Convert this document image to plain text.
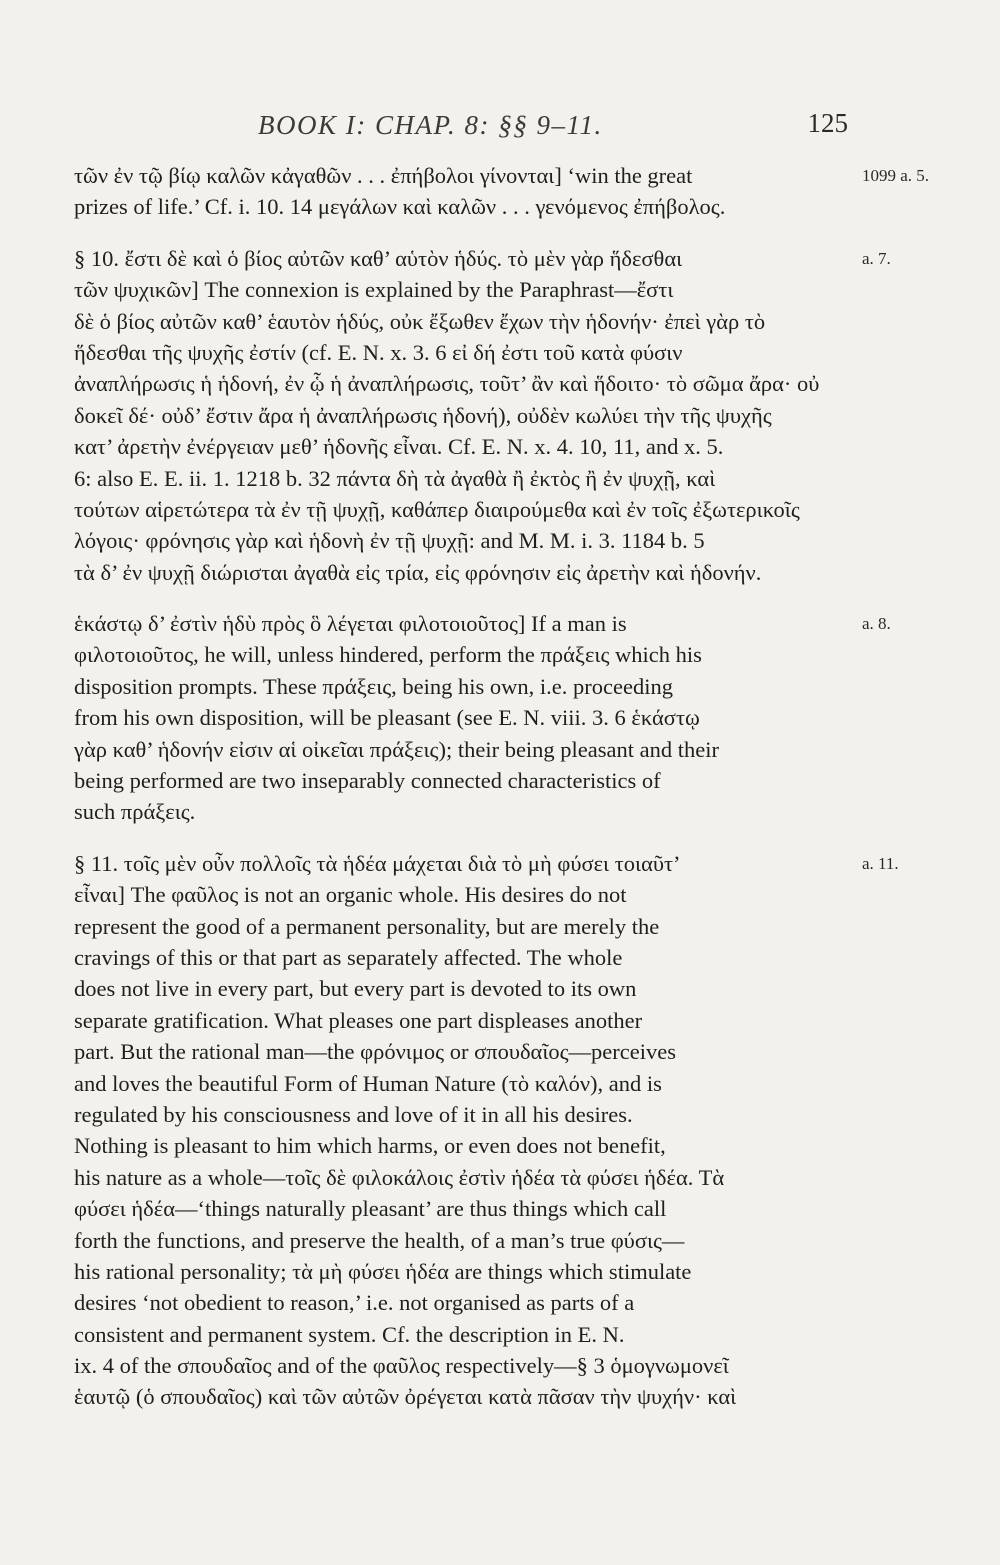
BOOK I: CHAP. 8: §§ 9–11.	125
τῶν ἐν τῷ βίῳ καλῶν κἀγαθῶν . . . ἐπήβολοι γίνονται] ‘win the great	1099 a. 5.
prizes of life.’ Cf. i. 10. 14 μεγάλων καὶ καλῶν . . . γενόμενος ἐπήβολος.
§ 10. ἔστι δὲ καὶ ὁ βίος αὐτῶν καθ’ αὑτὸν ἡδύς. τὸ μὲν γὰρ ἥδεσθαι	a. 7.
τῶν ψυχικῶν] The connexion is explained by the Paraphrast—ἔστι
δὲ ὁ βίος αὐτῶν καθ’ ἑαυτὸν ἡδύς, οὐκ ἔξωθεν ἔχων τὴν ἡδονήν· ἐπεὶ γὰρ τὸ
ἥδεσθαι τῆς ψυχῆς ἐστίν (cf. E. N. x. 3. 6 εἰ δή ἐστι τοῦ κατὰ φύσιν
ἀναπλήρωσις ἡ ἡδονή, ἐν ᾧ ἡ ἀναπλήρωσις, τοῦτ’ ἂν καὶ ἥδοιτο· τὸ σῶμα ἄρα· οὐ
δοκεῖ δέ· οὐδ’ ἔστιν ἄρα ἡ ἀναπλήρωσις ἡδονή), οὐδὲν κωλύει τὴν τῆς ψυχῆς
κατ’ ἀρετὴν ἐνέργειαν μεθ’ ἡδονῆς εἶναι. Cf. E. N. x. 4. 10, 11, and x. 5.
6: also E. E. ii. 1. 1218 b. 32 πάντα δὴ τὰ ἀγαθὰ ἢ ἐκτὸς ἢ ἐν ψυχῇ, καὶ
τούτων αἱρετώτερα τὰ ἐν τῇ ψυχῇ, καθάπερ διαιρούμεθα καὶ ἐν τοῖς ἐξωτερικοῖς
λόγοις· φρόνησις γὰρ καὶ ἡδονὴ ἐν τῇ ψυχῇ: and M. M. i. 3. 1184 b. 5
τὰ δ’ ἐν ψυχῇ διώρισται ἀγαθὰ εἰς τρία, εἰς φρόνησιν εἰς ἀρετὴν καὶ ἡδονήν.
ἑκάστῳ δ’ ἐστὶν ἡδὺ πρὸς ὃ λέγεται φιλοτοιοῦτος] If a man is	a. 8.
φιλοτοιοῦτος, he will, unless hindered, perform the πράξεις which his
disposition prompts. These πράξεις, being his own, i.e. proceeding
from his own disposition, will be pleasant (see E. N. viii. 3. 6 ἑκάστῳ
γὰρ καθ’ ἡδονήν εἰσιν αἱ οἰκεῖαι πράξεις); their being pleasant and their
being performed are two inseparably connected characteristics of
such πράξεις.
§ 11. τοῖς μὲν οὖν πολλοῖς τὰ ἡδέα μάχεται διὰ τὸ μὴ φύσει τοιαῦτ’	a. 11.
εἶναι] The φαῦλος is not an organic whole. His desires do not
represent the good of a permanent personality, but are merely the
cravings of this or that part as separately affected. The whole
does not live in every part, but every part is devoted to its own
separate gratification. What pleases one part displeases another
part. But the rational man—the φρόνιμος or σπουδαῖος—perceives
and loves the beautiful Form of Human Nature (τὸ καλόν), and is
regulated by his consciousness and love of it in all his desires.
Nothing is pleasant to him which harms, or even does not benefit,
his nature as a whole—τοῖς δὲ φιλοκάλοις ἐστὶν ἡδέα τὰ φύσει ἡδέα. Τὰ
φύσει ἡδέα—‘things naturally pleasant’ are thus things which call
forth the functions, and preserve the health, of a man’s true φύσις—
his rational personality; τὰ μὴ φύσει ἡδέα are things which stimulate
desires ‘not obedient to reason,’ i.e. not organised as parts of a
consistent and permanent system. Cf. the description in E. N.
ix. 4 of the σπουδαῖος and of the φαῦλος respectively—§ 3 ὁμογνωμονεῖ
ἑαυτῷ (ὁ σπουδαῖος) καὶ τῶν αὐτῶν ὀρέγεται κατὰ πᾶσαν τὴν ψυχήν· καὶ
